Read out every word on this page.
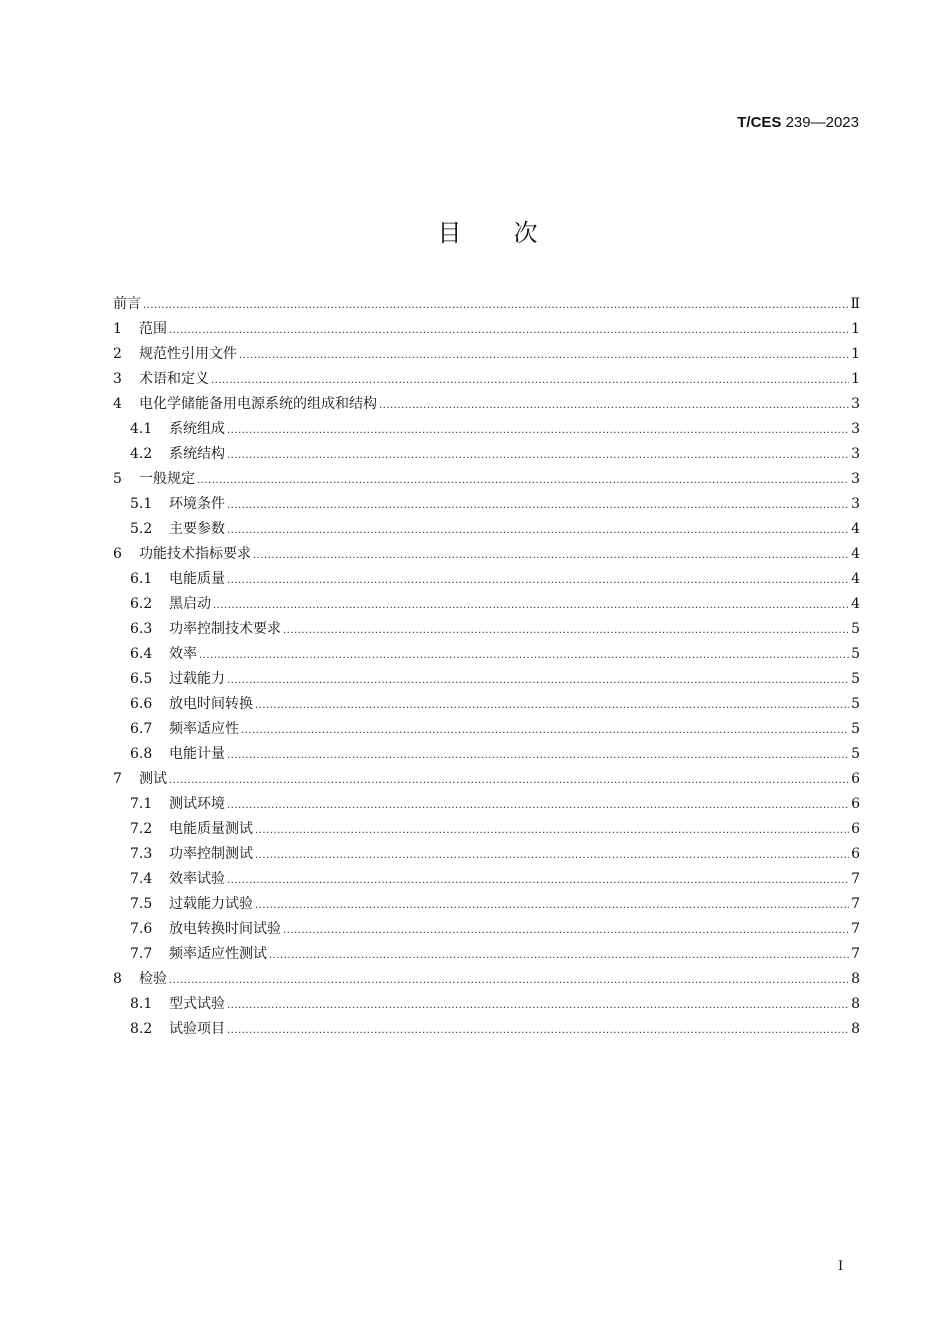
T/CES 239—2023
目 次
前言 .....	Ⅱ
1	范围 .....	1
2	规范性引用文件 .....	1
3	术语和定义 .....	1
4	电化学储能备用电源系统的组成和结构 .....	3
4.1	系统组成 .....	3
4.2	系统结构 .....	3
5	一般规定 .....	3
5.1	环境条件 .....	3
5.2	主要参数 .....	4
6	功能技术指标要求 .....	4
6.1	电能质量 .....	4
6.2	黑启动 .....	4
6.3	功率控制技术要求 .....	5
6.4	效率 .....	5
6.5	过载能力 .....	5
6.6	放电时间转换 .....	5
6.7	频率适应性 .....	5
6.8	电能计量 .....	5
7	测试 .....	6
7.1	测试环境 .....	6
7.2	电能质量测试 .....	6
7.3	功率控制测试 .....	6
7.4	效率试验 .....	7
7.5	过载能力试验 .....	7
7.6	放电转换时间试验 .....	7
7.7	频率适应性测试 .....	7
8	检验 .....	8
8.1	型式试验 .....	8
8.2	试验项目 .....	8
I
